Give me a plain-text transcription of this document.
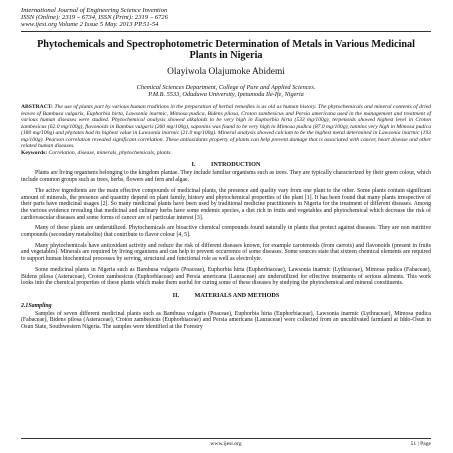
International Journal of Engineering Science Invention
ISSN (Online): 2319 – 6734, ISSN (Print): 2319 – 6726
www.ijesi.org Volume 2 Issue 5 May. 2013 PP.51-54
Phytochemicals and Spectrophotometric Determination of Metals in Various Medicinal Plants in Nigeria
Olayiwola Olajumoke Abidemi
Chemical Sciences Department, College of Pure and Applied Sciences.
P.M.B. 5533, Oduduwa University, Ipetumodu Ile-Ife, Nigeria
ABSTRACT: The use of plants part by various human traditions in the preparation of herbal remedies is as old as human history. The phytochemicals and mineral contents of dried leaves of Bambusa vulgaris, Euphorbia hirta, Lawsonia inarmic, Mimosa pudica, Bidens pilosa, Croton zambesicus and Persia americana used in the management and treatment of various human diseases were studied. Phytochemical analysis showed alkaloids to be very high in Euphorbia hirta (533 mg/100g), terpenoids showed highest level in Croton zambesicus (62.0 mg/100g), flavonoids in Bambus vulgaris (260 mg/100g), saponins was found to be very high in Mimosa pudica (87.0 mg/100g), tannins very high in Mimosa pudica (180 mg/100g) and phytates had its highest value in Lawsonia inarmic (21.0 mg/100g). Mineral analysis showed calcium to be the highest metal determined in Lawsonia inarmic (193 mg/100g). Pearson correlation revealed significant correlation. These antioxidants property of plants can help prevent damage that is associated with cancer, heart disease and other related human diseases.
Keywords: Correlation, disease, minerals, phytochemicals, plants.
I.          INTRODUCTION
Plants are living organisms belonging to the kingdom plantae. They include familiar organisms such as trees. They are typically characterized by their green colour, which include common groups such as trees, herbs, flowers and fern and algae.
The active ingredients are the main effective compounds of medicinal plants, the presence and quality vary from one plant to the other. Some plants contain significant amount of minerals, the presence and quantity depend on plant family, history and phytochemical properties of the plant [1]. It has been found that many plants irrespective of their parts have medicinal usages [2]. So many medicinal plants have been used by traditional medicine practitioners in Nigeria for the treatment of different diseases. Among the various evidence revealing that medicinal and culinary herbs have some endemic species, a diet rich in fruits and vegetables and phytochemical which decrease the risk of cardiovascular diseases and some forms of cancer are of particular interest [3].
Many of these plants are underutilized. Phytochemicals are bioactive chemical compounds found naturally in plants that protect against diseases. They are non nutritive compounds (secondary metabolite) that contribute to flavor colour [4, 5].
Many phytochemicals have antioxidant activity and reduce the risk of different diseases known, for example carotenoids (from carrots) and flavonoids (present in fruits and vegetables). Minerals are required by living organisms and can help to prevent occurrence of some diseases. Some sources state that sixteen chemical elements are required to support human biochemical processes by serving, structural and functional role as well as electrolyte.
Some medicinal plants in Nigeria such as Bambusa vulgaris (Poaceae), Euphorbia hirta (Euphorbiaceae), Lawsonia inarmic (Lythraceae), Mimosa pudica (Fabaceae), Bidens pilosa (Asteraceae), Croton zambesicus (Euphorbiaceae) and Persia americana (Lauraceae) are underutilized for effective treatments of serious ailments. This work looks into the chemical properties of these plants which make them useful for curing some of these diseases by studying the phytochemical and mineral constituents.
II.          MATERIALS AND METHODS
2.1Sampling
Samples of seven different medicinal plants such as Bambusa vulgaris (Poaceae), Euphorbia hirta (Euphorbiaceae), Lawsonia inarmic (Lythraceae), Mimosa pudica (Fabaceae), Bidens pilosa (Asteraceae), Croton zambesicus (Euphorbiaceae) and Persia americana (Lauraceae) were collected from an uncultivated farmland at Iddo-Osun in Osun State, Southwestern Nigeria. The samples were identified at the Forestry
www.ijesi.org	51 | Page
